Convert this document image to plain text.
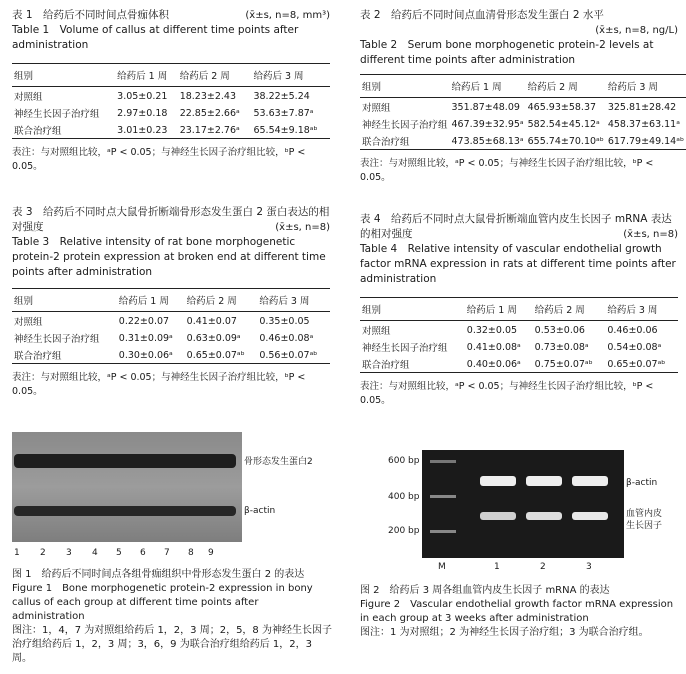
表 1　给药后不同时间点骨痂体积	(x̄±s, n=8, mm³)
Table 1　Volume of callus at different time points after administration
组别	给药后 1 周	给药后 2 周	给药后 3 周
对照组	3.05±0.21	18.23±2.43	38.22±5.24
神经生长因子治疗组	2.97±0.18	22.85±2.66ᵃ	53.63±7.87ᵃ
联合治疗组	3.01±0.23	23.17±2.76ᵃ	65.54±9.18ᵃᵇ
表注：与对照组比较，ᵃP < 0.05；与神经生长因子治疗组比较，ᵇP < 0.05。
表 2　给药后不同时间点血清骨形态发生蛋白 2 水平
(x̄±s, n=8, ng/L)
Table 2　Serum bone morphogenetic protein-2 levels at different time points after administration
组别	给药后 1 周	给药后 2 周	给药后 3 周
对照组	351.87±48.09	465.93±58.37	325.81±28.42
神经生长因子治疗组	467.39±32.95ᵃ	582.54±45.12ᵃ	458.37±63.11ᵃ
联合治疗组	473.85±68.13ᵃ	655.74±70.10ᵃᵇ	617.79±49.14ᵃᵇ
表注：与对照组比较，ᵃP < 0.05；与神经生长因子治疗组比较，ᵇP < 0.05。
表 3　给药后不同时点大鼠骨折断端骨形态发生蛋白 2 蛋白表达的相对强度	(x̄±s, n=8)
Table 3　Relative intensity of rat bone morphogenetic protein-2 protein expression at broken end at different time points after administration
组别	给药后 1 周	给药后 2 周	给药后 3 周
对照组	0.22±0.07	0.41±0.07	0.35±0.05
神经生长因子治疗组	0.31±0.09ᵃ	0.63±0.09ᵃ	0.46±0.08ᵃ
联合治疗组	0.30±0.06ᵃ	0.65±0.07ᵃᵇ	0.56±0.07ᵃᵇ
表注：与对照组比较，ᵃP < 0.05；与神经生长因子治疗组比较，ᵇP < 0.05。
表 4　给药后不同时点大鼠骨折断端血管内皮生长因子 mRNA 表达的相对强度	(x̄±s, n=8)
Table 4　Relative intensity of vascular endothelial growth factor mRNA expression in rats at different time points after administration
组别	给药后 1 周	给药后 2 周	给药后 3 周
对照组	0.32±0.05	0.53±0.06	0.46±0.06
神经生长因子治疗组	0.41±0.08ᵃ	0.73±0.08ᵃ	0.54±0.08ᵃ
联合治疗组	0.40±0.06ᵃ	0.75±0.07ᵃᵇ	0.65±0.07ᵃᵇ
表注：与对照组比较，ᵃP < 0.05；与神经生长因子治疗组比较，ᵇP < 0.05。
骨形态发生蛋白2
β-actin
1 2 3 4 5 6 7 8 9
图 1　给药后不同时间点各组骨痂组织中骨形态发生蛋白 2 的表达
Figure 1　Bone morphogenetic protein-2 expression in bony callus of each group at different time points after administration
图注：1，4，7 为对照组给药后 1，2，3 周；2，5，8 为神经生长因子治疗组给药后 1，2，3 周；3，6，9 为联合治疗组给药后 1，2，3 周。
600 bp
400 bp
200 bp
β-actin
血管内皮生长因子
M	1	2	3
图 2　给药后 3 周各组血管内皮生长因子 mRNA 的表达
Figure 2　Vascular endothelial growth factor mRNA expression in each group at 3 weeks after administration
图注：1 为对照组；2 为神经生长因子治疗组；3 为联合治疗组。
